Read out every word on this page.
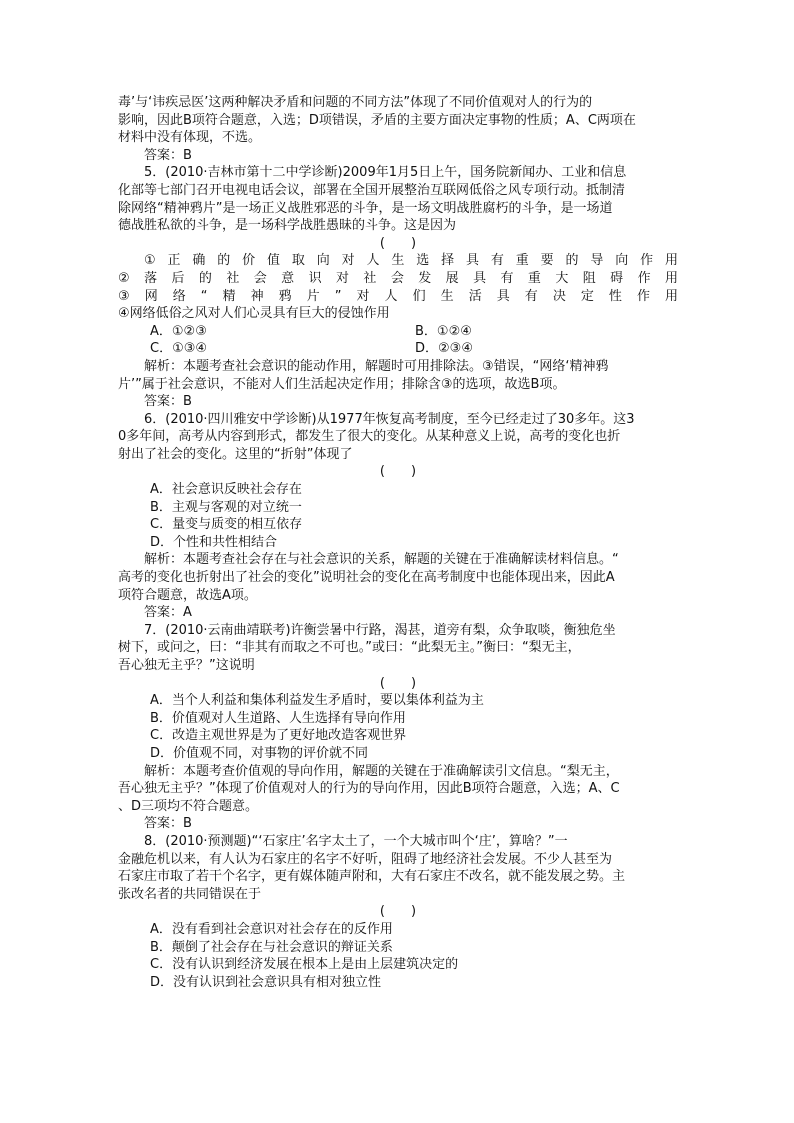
毒’与‘讳疾忌医’这两种解决矛盾和问题的不同方法”体现了不同价值观对人的行为的

影响，因此B项符合题意，入选；D项错误，矛盾的主要方面决定事物的性质；A、C两项在

材料中没有体现，不选。

答案：B

5．(2010·吉林市第十二中学诊断)2009年1月5日上午，国务院新闻办、工业和信息

化部等七部门召开电视电话会议，部署在全国开展整治互联网低俗之风专项行动。抵制清

除网络“精神鸦片”是一场正义战胜邪恶的斗争，是一场文明战胜腐朽的斗争，是一场道

德战胜私欲的斗争，是一场科学战胜愚昧的斗争。这是因为

(　　)

①正确的价值取向对人生选择具有重要的导向作用

②落后的社会意识对社会发展具有重大阻碍作用

③网络“精神鸦片”对人们生活具有决定性作用

④网络低俗之风对人们心灵具有巨大的侵蚀作用

A．①②③	B．①②④
C．①③④	D．②③④

解析：本题考查社会意识的能动作用，解题时可用排除法。③错误，“网络‘精神鸦

片’”属于社会意识，不能对人们生活起决定作用；排除含③的选项，故选B项。

答案：B

6．(2010·四川雅安中学诊断)从1977年恢复高考制度，至今已经走过了30多年。这3

0多年间，高考从内容到形式，都发生了很大的变化。从某种意义上说，高考的变化也折

射出了社会的变化。这里的“折射”体现了

(　　)

A．社会意识反映社会存在

B．主观与客观的对立统一

C．量变与质变的相互依存

D．个性和共性相结合

解析：本题考查社会存在与社会意识的关系，解题的关键在于准确解读材料信息。“

高考的变化也折射出了社会的变化”说明社会的变化在高考制度中也能体现出来，因此A

项符合题意，故选A项。

答案：A

7．(2010·云南曲靖联考)许衡尝暑中行路，渴甚，道旁有梨，众争取啖，衡独危坐

树下，或问之，曰：“非其有而取之不可也。”或曰：“此梨无主。”衡曰：“梨无主，

吾心独无主乎？”这说明

(　　)

A．当个人利益和集体利益发生矛盾时，要以集体利益为主

B．价值观对人生道路、人生选择有导向作用

C．改造主观世界是为了更好地改造客观世界

D．价值观不同，对事物的评价就不同

解析：本题考查价值观的导向作用，解题的关键在于准确解读引文信息。“梨无主，

吾心独无主乎？”体现了价值观对人的行为的导向作用，因此B项符合题意，入选；A、C

、D三项均不符合题意。

答案：B

8．(2010·预测题)“‘石家庄’名字太土了，一个大城市叫个‘庄’，算啥？”一

金融危机以来，有人认为石家庄的名字不好听，阻碍了地经济社会发展。不少人甚至为

石家庄市取了若干个名字，更有媒体随声附和，大有石家庄不改名，就不能发展之势。主

张改名者的共同错误在于

(　　)

A．没有看到社会意识对社会存在的反作用

B．颠倒了社会存在与社会意识的辩证关系

C．没有认识到经济发展在根本上是由上层建筑决定的

D．没有认识到社会意识具有相对独立性
